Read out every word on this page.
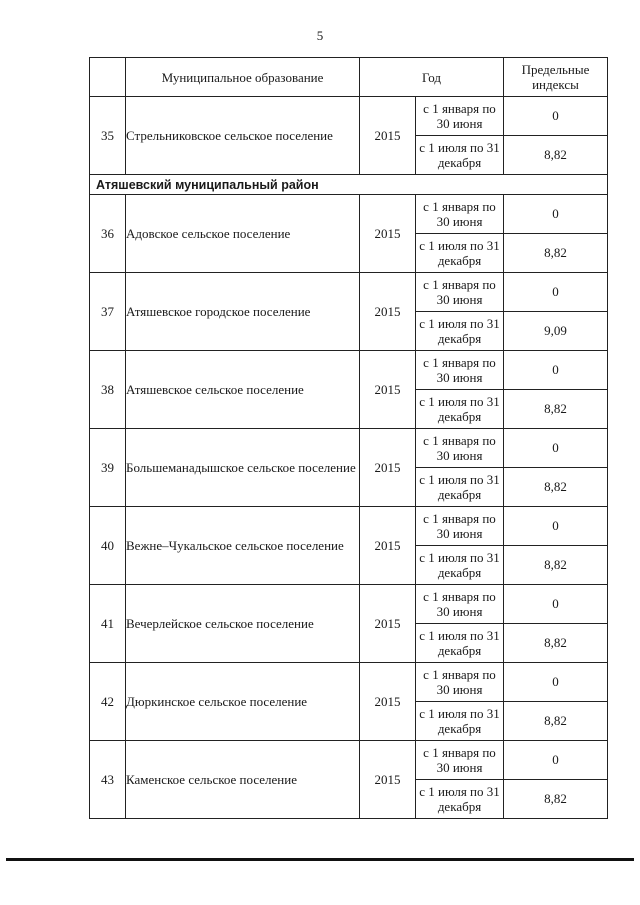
5
	Муниципальное образование	Год		Предельные индексы
35	Стрельниковское сельское поселение	2015	с 1 января по 30 июня	0
			с 1 июля по 31 декабря	8,82
Атяшевский муниципальный район				
36	Адовское сельское поселение	2015	с 1 января по 30 июня	0
			с 1 июля по 31 декабря	8,82
37	Атяшевское городское поселение	2015	с 1 января по 30 июня	0
			с 1 июля по 31 декабря	9,09
38	Атяшевское сельское поселение	2015	с 1 января по 30 июня	0
			с 1 июля по 31 декабря	8,82
39	Большеманадышское сельское поселение	2015	с 1 января по 30 июня	0
			с 1 июля по 31 декабря	8,82
40	Вежне–Чукальское сельское поселение	2015	с 1 января по 30 июня	0
			с 1 июля по 31 декабря	8,82
41	Вечерлейское сельское поселение	2015	с 1 января по 30 июня	0
			с 1 июля по 31 декабря	8,82
42	Дюркинское сельское поселение	2015	с 1 января по 30 июня	0
			с 1 июля по 31 декабря	8,82
43	Каменское сельское поселение	2015	с 1 января по 30 июня	0
			с 1 июля по 31 декабря	8,82
